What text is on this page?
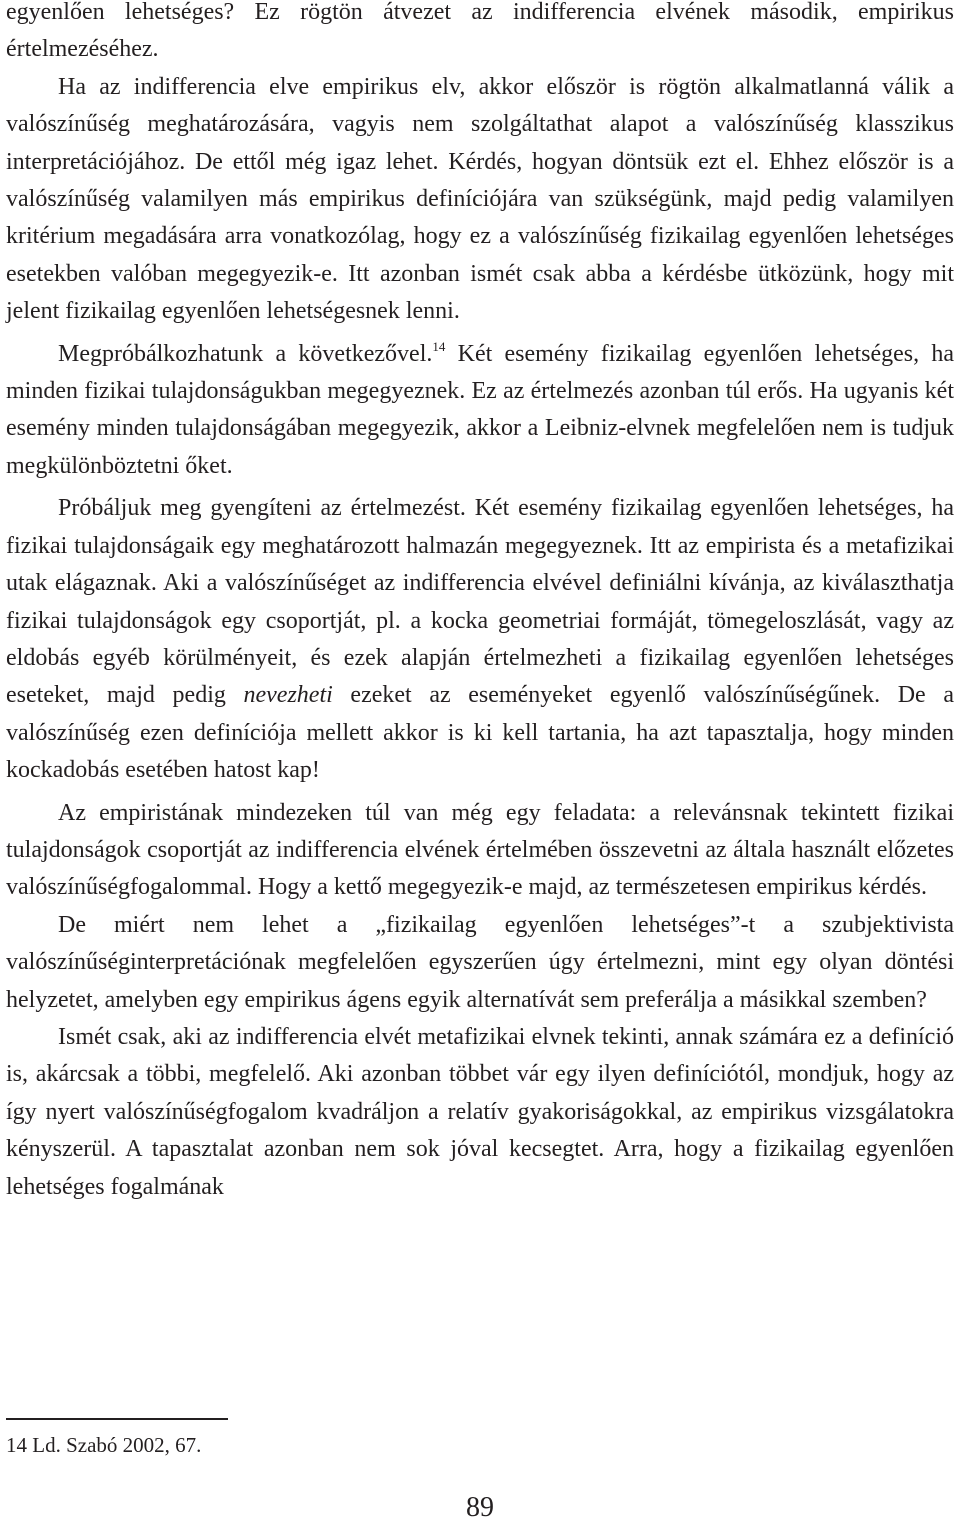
egyenlően lehetséges? Ez rögtön átvezet az indifferencia elvének második, empirikus értelmezéséhez.

Ha az indifferencia elve empirikus elv, akkor először is rögtön alkalmatlanná válik a valószínűség meghatározására, vagyis nem szolgáltathat alapot a valószínűség klasszikus interpretációjához. De ettől még igaz lehet. Kérdés, hogyan döntsük ezt el. Ehhez először is a valószínűség valamilyen más empirikus definíciójára van szükségünk, majd pedig valamilyen kritérium megadására arra vonatkozólag, hogy ez a valószínűség fizikailag egyenlően lehetséges esetekben valóban megegyezik-e. Itt azonban ismét csak abba a kérdésbe ütközünk, hogy mit jelent fizikailag egyenlően lehetségesnek lenni.

Megpróbálkozhatunk a következővel.$^{14}$ Két esemény fizikailag egyenlően lehetséges, ha minden fizikai tulajdonságukban megegyeznek. Ez az értelmezés azonban túl erős. Ha ugyanis két esemény minden tulajdonságában megegyezik, akkor a Leibniz-elvnek megfelelően nem is tudjuk megkülönböztetni őket.

Próbáljuk meg gyengíteni az értelmezést. Két esemény fizikailag egyenlően lehetséges, ha fizikai tulajdonságaik egy meghatározott halmazán megegyeznek. Itt az empirista és a metafizikai utak elágaznak. Aki a valószínűséget az indifferencia elvével definiálni kívánja, az kiválaszthatja fizikai tulajdonságok egy csoportját, pl. a kocka geometriai formáját, tömegeloszlását, vagy az eldobás egyéb körülményeit, és ezek alapján értelmezheti a fizikailag egyenlően lehetséges eseteket, majd pedig nevezheti ezeket az eseményeket egyenlő valószínűségűnek. De a valószínűség ezen definíciója mellett akkor is ki kell tartania, ha azt tapasztalja, hogy minden kockadobás esetében hatost kap!

Az empiristának mindezeken túl van még egy feladata: a relevánsnak tekintett fizikai tulajdonságok csoportját az indifferencia elvének értelmében összevetni az általa használt előzetes valószínűségfogalommal. Hogy a kettő megegyezik-e majd, az természetesen empirikus kérdés.

De miért nem lehet a „fizikailag egyenlően lehetséges”-t a szubjektivista valószínűséginterpretációnak megfelelően egyszerűen úgy értelmezni, mint egy olyan döntési helyzetet, amelyben egy empirikus ágens egyik alternatívát sem preferálja a másikkal szemben?

Ismét csak, aki az indifferencia elvét metafizikai elvnek tekinti, annak számára ez a definíció is, akárcsak a többi, megfelelő. Aki azonban többet vár egy ilyen definíciótól, mondjuk, hogy az így nyert valószínűségfogalom kvadráljon a relatív gyakoriságokkal, az empirikus vizsgálatokra kényszerül. A tapasztalat azonban nem sok jóval kecsegtet. Arra, hogy a fizikailag egyenlően lehetséges fogalmának

14 Ld. Szabó 2002, 67.
89
